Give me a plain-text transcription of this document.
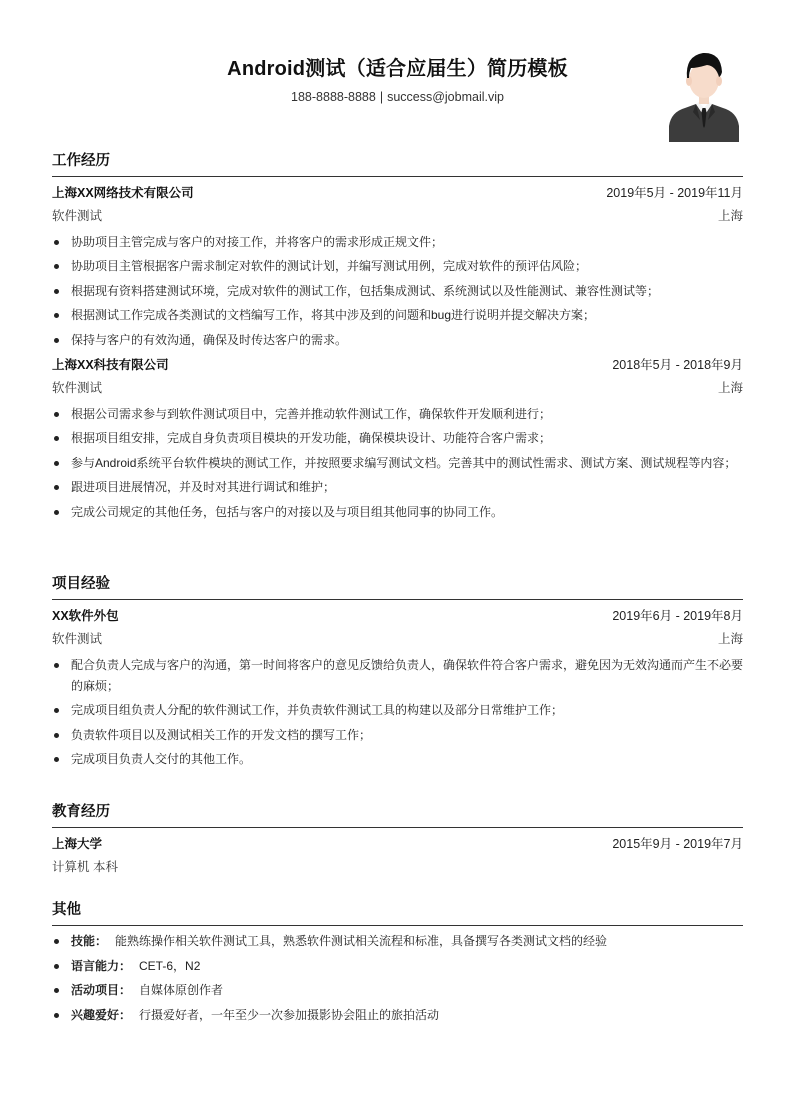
Android测试（适合应届生）简历模板
188-8888-8888 | success@jobmail.vip
工作经历
上海XX网络技术有限公司	2019年5月 - 2019年11月
软件测试	上海
协助项目主管完成与客户的对接工作，并将客户的需求形成正规文件；
协助项目主管根据客户需求制定对软件的测试计划，并编写测试用例，完成对软件的预评估风险；
根据现有资料搭建测试环境，完成对软件的测试工作，包括集成测试、系统测试以及性能测试、兼容性测试等；
根据测试工作完成各类测试的文档编写工作，将其中涉及到的问题和bug进行说明并提交解决方案；
保持与客户的有效沟通，确保及时传达客户的需求。
上海XX科技有限公司	2018年5月 - 2018年9月
软件测试	上海
根据公司需求参与到软件测试项目中，完善并推动软件测试工作，确保软件开发顺利进行；
根据项目组安排，完成自身负责项目模块的开发功能，确保模块设计、功能符合客户需求；
参与Android系统平台软件模块的测试工作，并按照要求编写测试文档。完善其中的测试性需求、测试方案、测试规程等内容；
跟进项目进展情况，并及时对其进行调试和维护；
完成公司规定的其他任务，包括与客户的对接以及与项目组其他同事的协同工作。
项目经验
XX软件外包	2019年6月 - 2019年8月
软件测试	上海
配合负责人完成与客户的沟通，第一时间将客户的意见反馈给负责人，确保软件符合客户需求，避免因为无效沟通而产生不必要的麻烦；
完成项目组负责人分配的软件测试工作，并负责软件测试工具的构建以及部分日常维护工作；
负责软件项目以及测试相关工作的开发文档的撰写工作；
完成项目负责人交付的其他工作。
教育经历
上海大学	2015年9月 - 2019年7月
计算机 本科
其他
技能： 能熟练操作相关软件测试工具，熟悉软件测试相关流程和标准，具备撰写各类测试文档的经验
语言能力： CET-6，N2
活动项目： 自媒体原创作者
兴趣爱好： 行摄爱好者，一年至少一次参加摄影协会阻止的旅拍活动
